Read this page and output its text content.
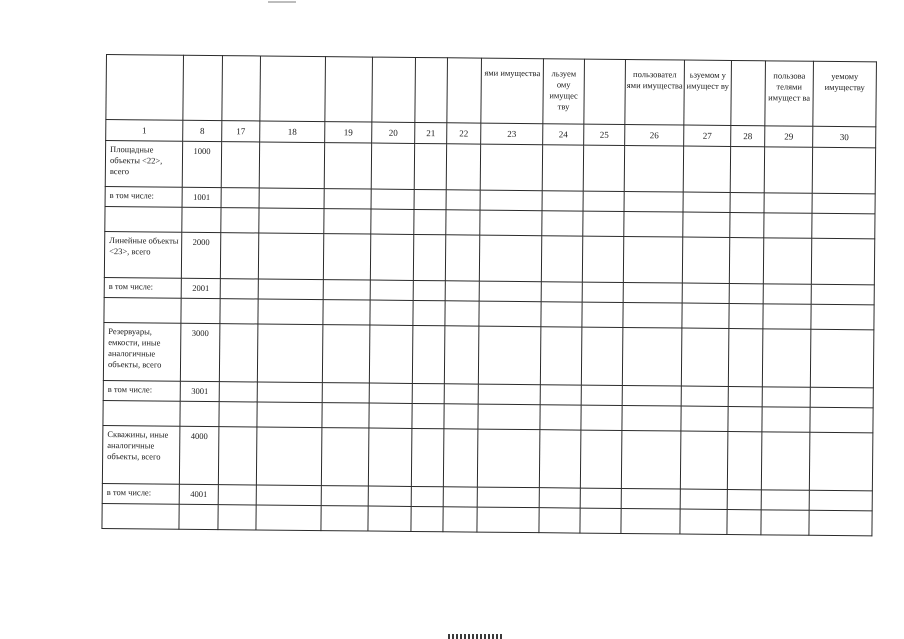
								ями имущества	льзуем ому имущес тву		пользовател ями имущества	ьзуемом у имущест ву		пользова телями имущест ва	уемому имуществу
1	8	17	18	19	20	21	22	23	24	25	26	27	28	29	30
Площадные объекты <22>, всего	1000														
в том числе:	1001														

Линейные объекты <23>, всего	2000														
в том числе:	2001														

Резервуары, емкости, иные аналогичные объекты, всего	3000														
в том числе:	3001														

Скважины, иные аналогичные объекты, всего	4000														
в том числе:	4001														
